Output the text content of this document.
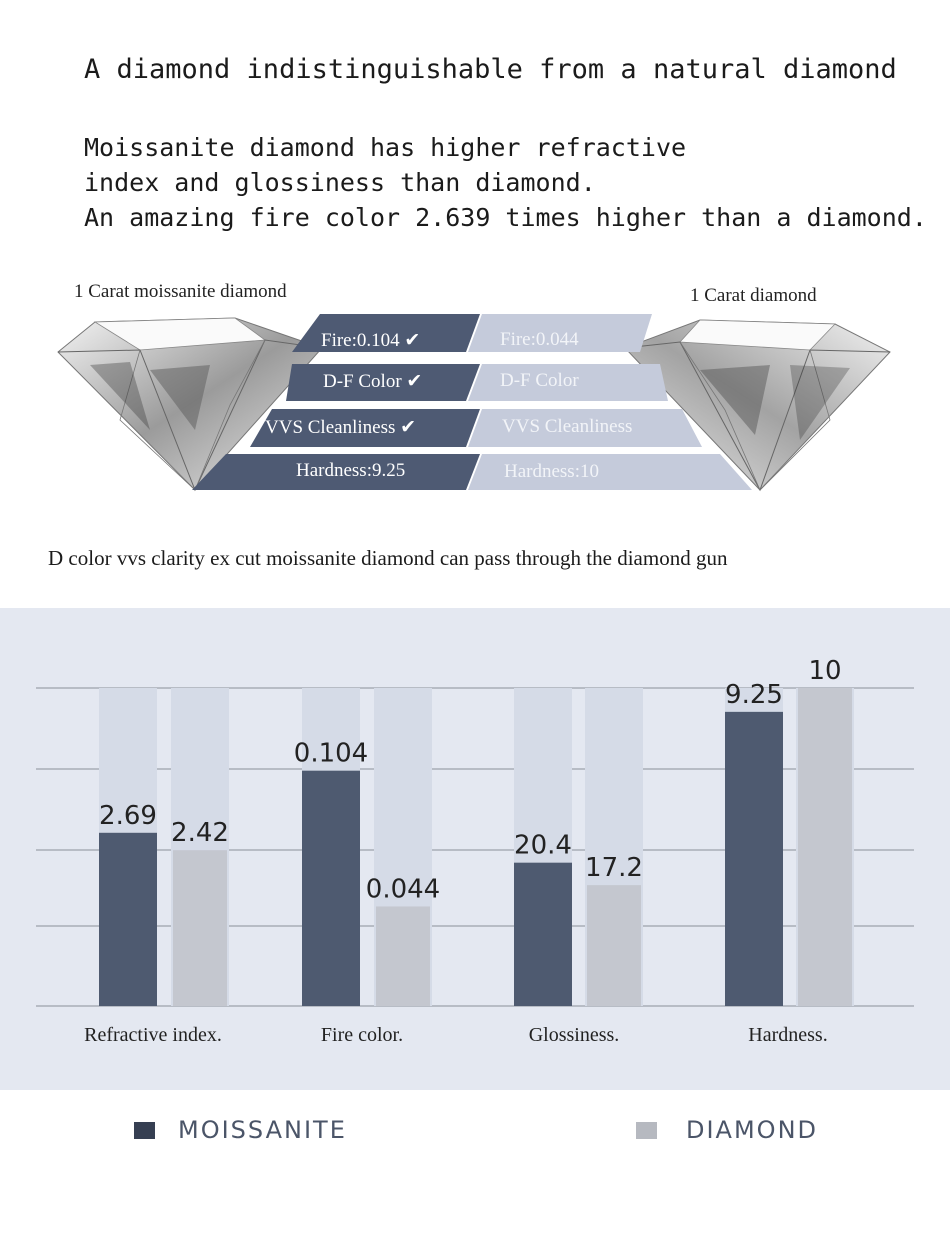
A diamond indistinguishable from a natural diamond
Moissanite diamond has higher refractive
index and glossiness than diamond.
An amazing fire color 2.639 times higher than a diamond.
1 Carat moissanite diamond	1 Carat diamond
Fire:0.104 ✔	Fire:0.044
D-F Color ✔	D-F Color
VVS Cleanliness ✔	VVS Cleanliness
Hardness:9.25	Hardness:10
D color vvs clarity ex cut moissanite diamond can pass through the diamond gun
2.69
2.42
Refractive index.
0.104
0.044
Fire color.
20.4
17.2
Glossiness.
9.25
10
Hardness.
MOISSANITE	DIAMOND
